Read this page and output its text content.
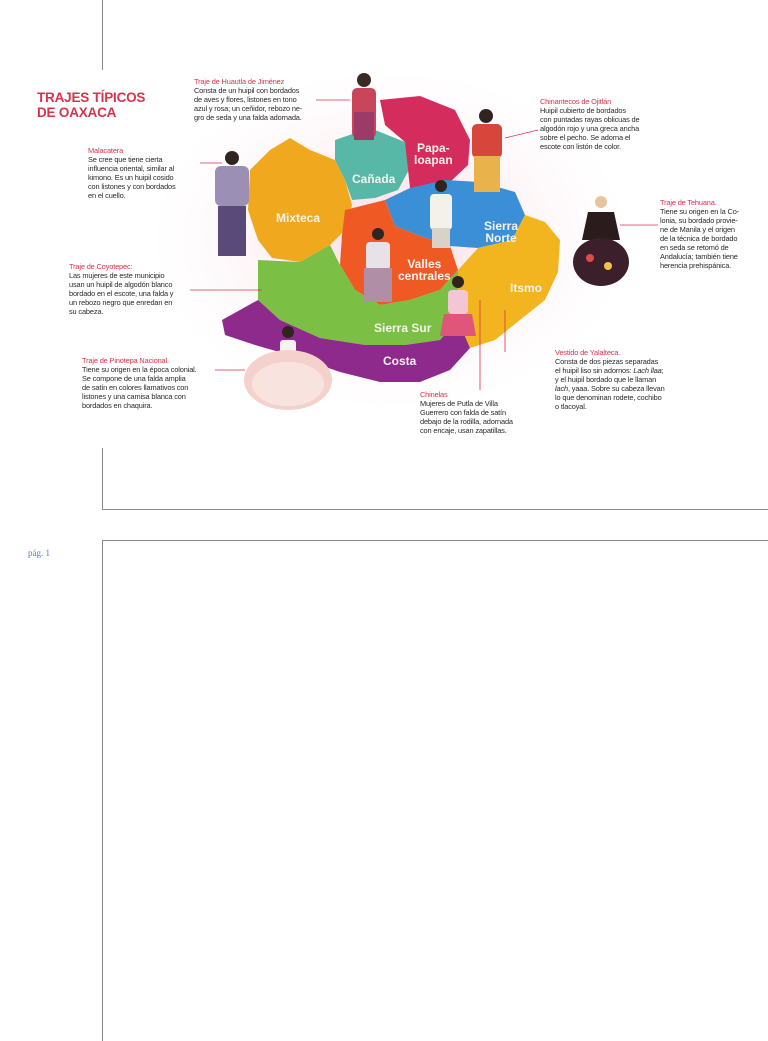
pág. 1
TRAJES TÍPICOS
DE OAXACA
Papa-
loapan
Cañada
Mixteca
Sierra
Norte
Valles
centrales
Itsmo
Sierra Sur
Costa
Traje de Huautla de Jiménez
Consta de un huipil con bordados
de aves y flores, listones en tono
azul y rosa; un ceñidor, rebozo ne-
gro de seda y una falda adornada.
Chinantecos de Ojitlán
Huipil cubierto de bordados
con puntadas rayas oblicuas de
algodón rojo y una greca ancha
sobre el pecho. Se adorna el
escote con listón de color.
Malacatera
Se cree que tiene cierta
influencia oriental, similar al
kimono. Es un huipil cosido
con listones y con bordados
en el cuello.
Traje de Tehuana.
Tiene su origen en la Co-
lonia, su bordado provie-
ne de Manila y el origen
de la técnica de bordado
en seda se retomó de
Andalucía; también tiene
herencia prehispánica.
Traje de Coyotepec:
Las mujeres de este municipio
usan un huipil de algodón blanco
bordado en el escote, una falda y
un rebozo negro que enredan en
su cabeza.
Traje de Pinotepa Nacional.
Tiene su origen en la época colonial.
Se compone de una falda amplia
de satín en colores llamativos con
listones y una camisa blanca con
bordados en chaquira.
Vestido de Yalalteca.
Consta de dos piezas separadas
el huipil liso sin adornos: Lach llaa;
y el huipil bordado que le llaman
lach, yaaa. Sobre su cabeza llevan
lo que denominan rodete, cochibo
o tlacoyal.
Chinelas
Mujeres de Putla de Villa
Guerrero con falda de satín
debajo de la rodilla, adornada
con encaje, usan zapatillas.
